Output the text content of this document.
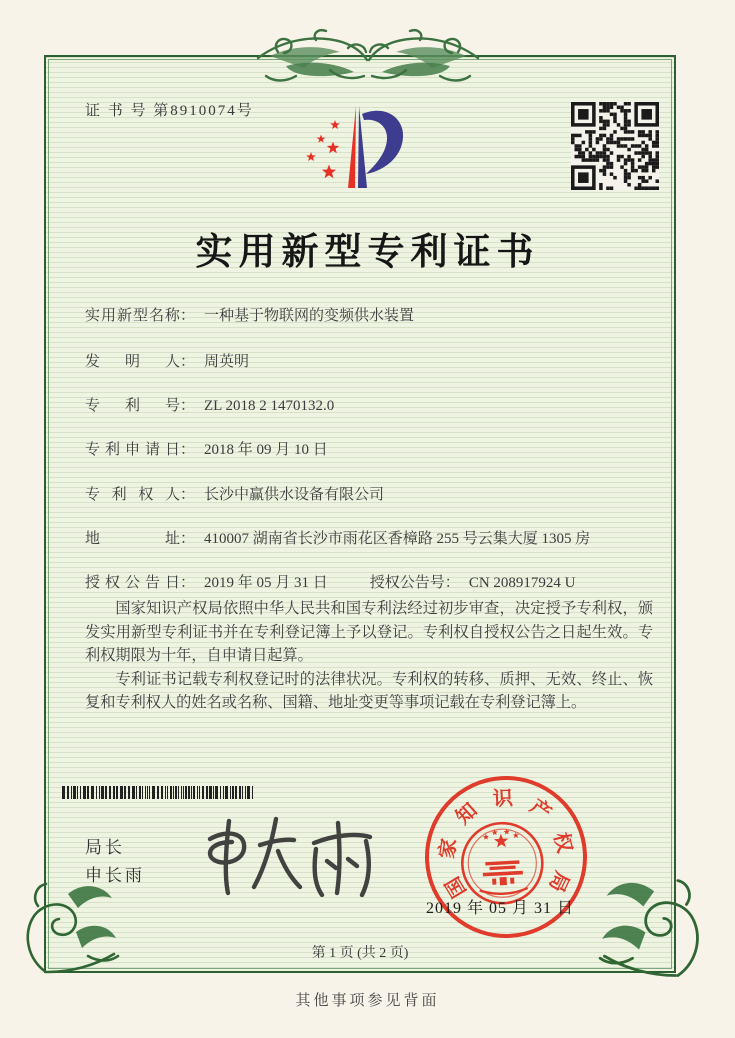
证 书 号 第8910074号
实用新型专利证书
实 用 新 型 名 称 ： 一种基于物联网的变频供水装置
发 明 人 ： 周英明
专 利 号 ： ZL 2018 2 1470132.0
专 利 申 请 日 ： 2018 年 09 月 10 日
专 利 权 人 ： 长沙中赢供水设备有限公司
地	址 ： 410007 湖南省长沙市雨花区香樟路 255 号云集大厦 1305 房
授 权 公 告 日 ： 2019 年 05 月 31 日	授权公告号 ： CN 208917924 U

国家知识产权局依照中华人民共和国专利法经过初步审查，决定授予专利权，颁发实用新型专利证书并在专利登记簿上予以登记。专利权自授权公告之日起生效。专利权期限为十年，自申请日起算。

专利证书记载专利权登记时的法律状况。专利权的转移、质押、无效、终止、恢复和专利权人的姓名或名称、国籍、地址变更等事项记载在专利登记簿上。

局长
申长雨	国
家
知
识 产
权
局
2019 年 05 月 31 日
第 1 页 (共 2 页)
其他事项参见背面
